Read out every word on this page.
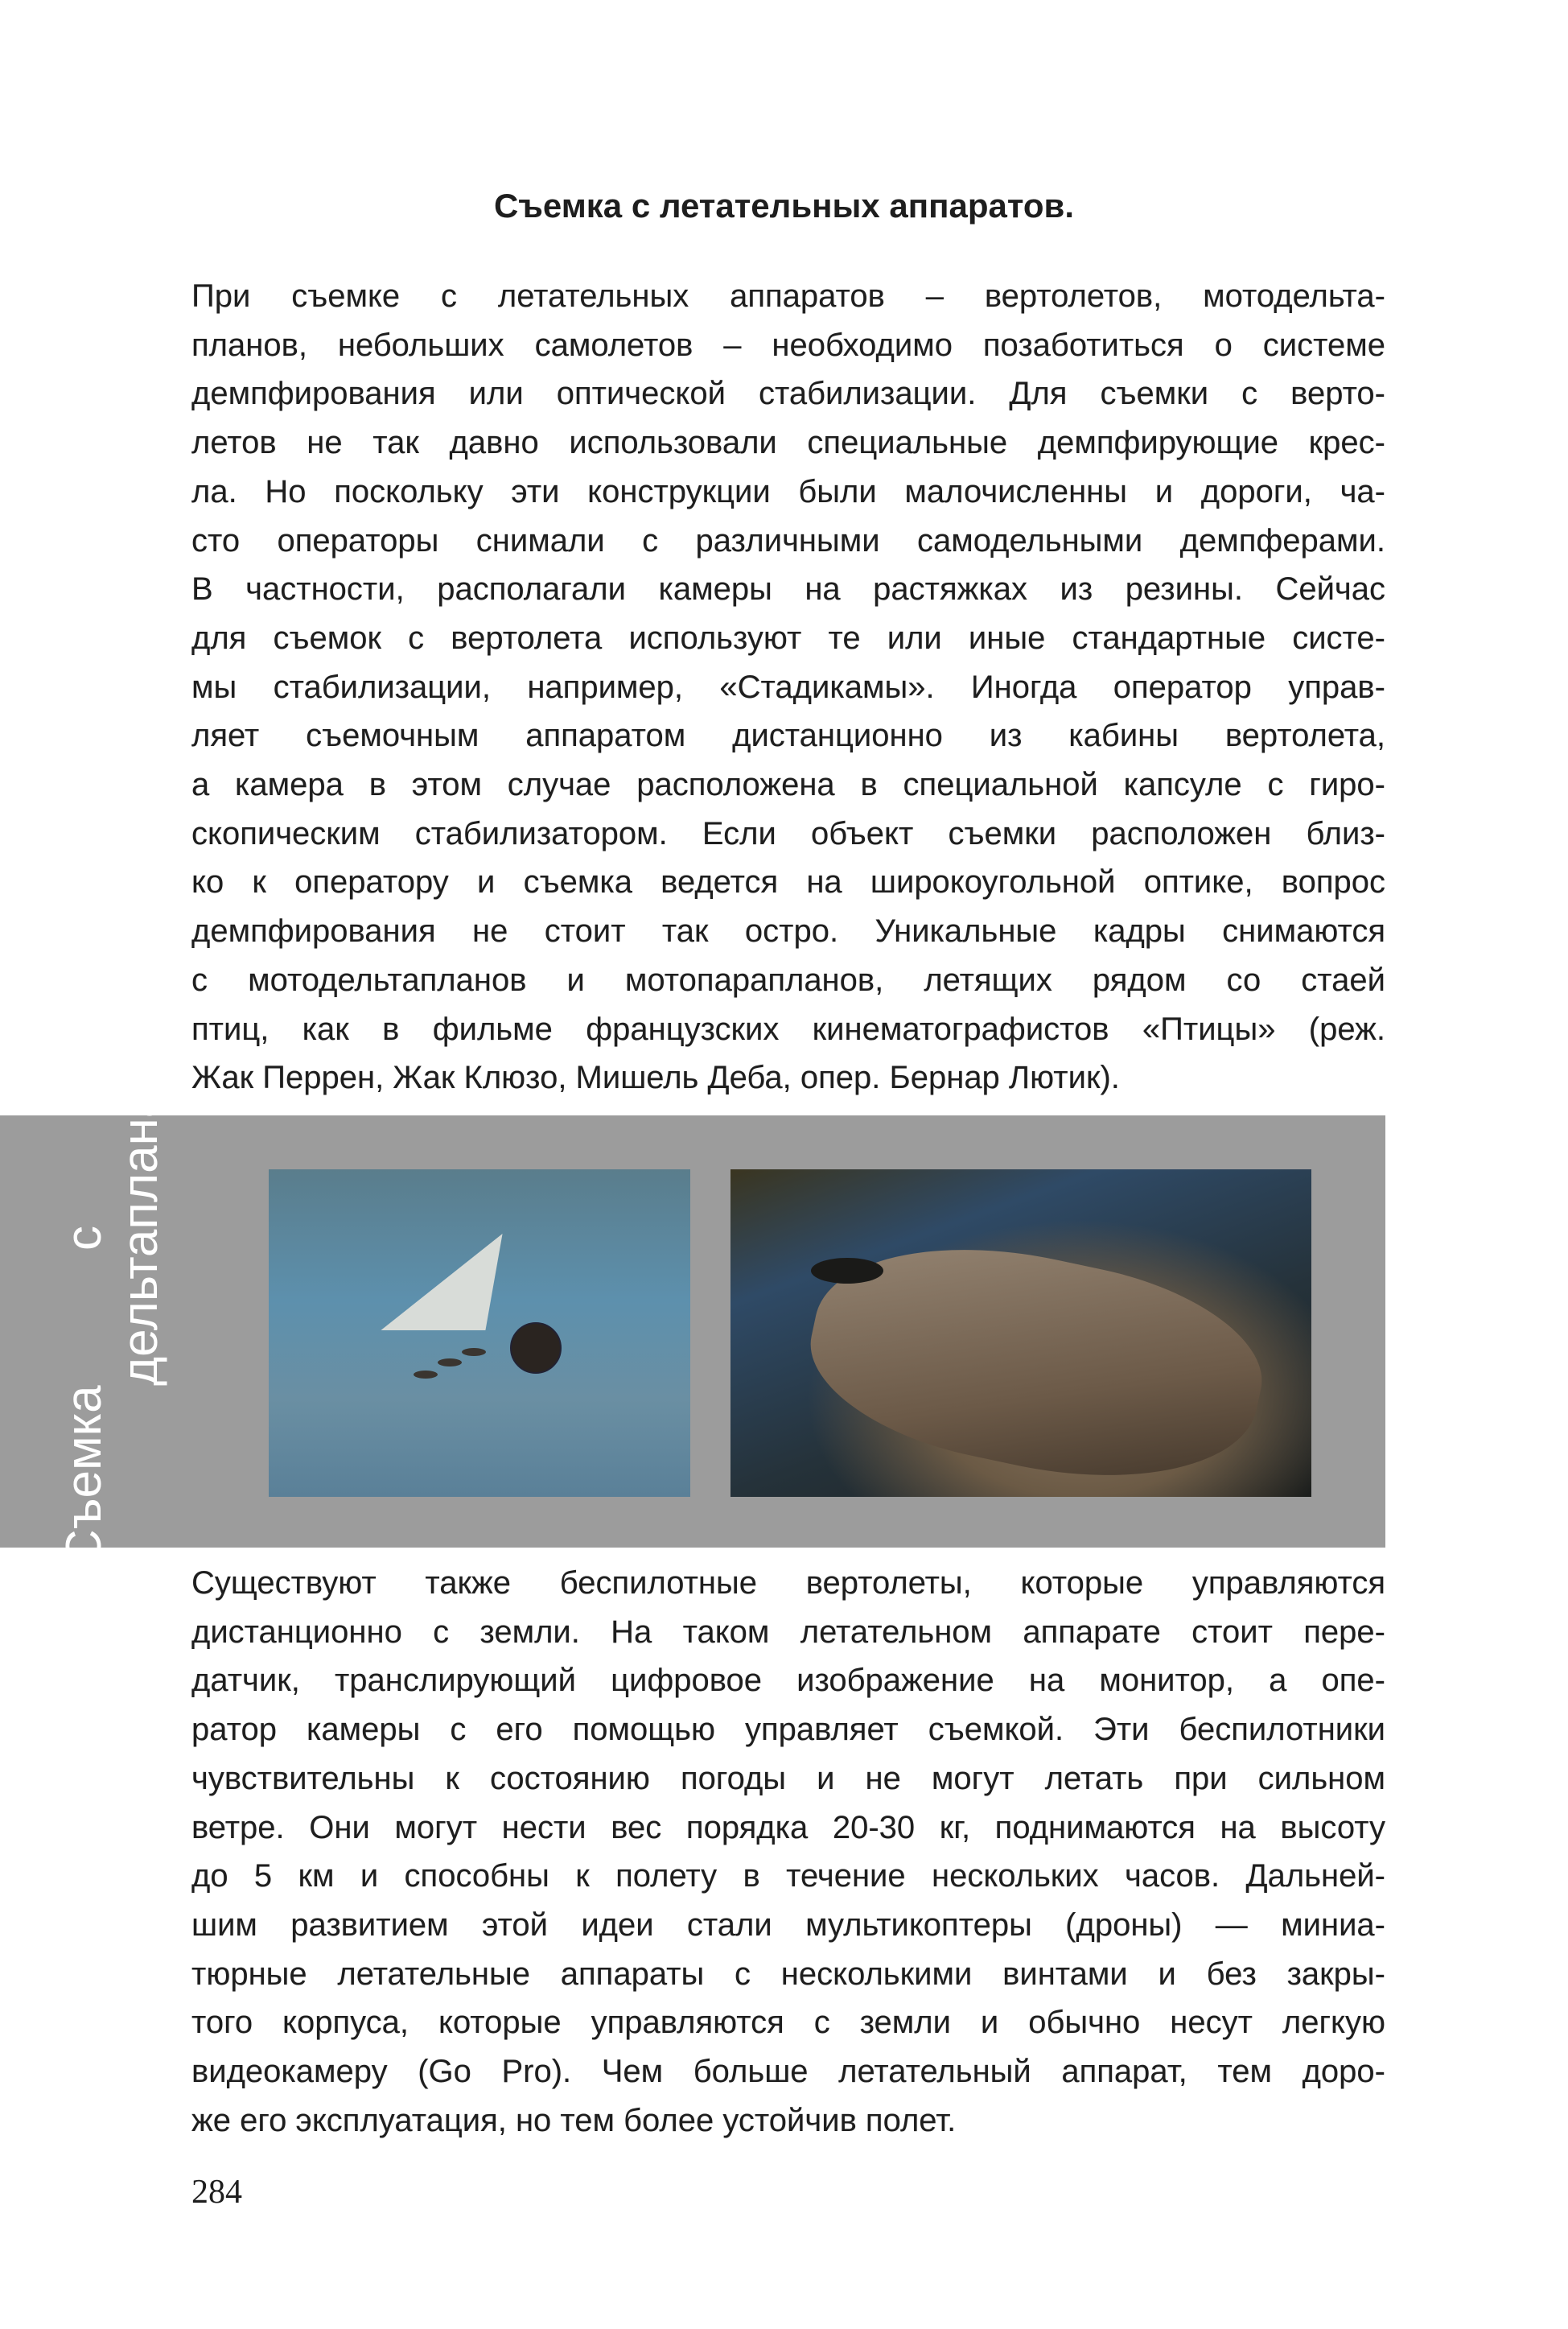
Съемка с летательных аппаратов.
При съемке с летательных аппаратов – вертолетов, мотодельта-
планов, небольших самолетов – необходимо позаботиться о системе
демпфирования или оптической стабилизации. Для съемки с верто-
летов не так давно использовали специальные демпфирующие крес-
ла. Но поскольку эти конструкции были малочисленны и дороги, ча-
сто операторы снимали с различными самодельными демпферами.
В частности, располагали камеры на растяжках из резины. Сейчас
для съемок с вертолета используют те или иные стандартные систе-
мы стабилизации, например, «Стадикамы». Иногда оператор управ-
ляет съемочным аппаратом дистанционно из кабины вертолета,
а камера в этом случае расположена в специальной капсуле с гиро-
скопическим стабилизатором. Если объект съемки расположен близ-
ко к оператору и съемка ведется на широкоугольной оптике, вопрос
демпфирования не стоит так остро. Уникальные кадры снимаются
с мотодельтапланов и мотопарапланов, летящих рядом со стаей
птиц, как в фильме французских кинематографистов «Птицы» (реж.
Жак Перрен, Жак Клюзо, Мишель Деба, опер. Бернар Лютик).
Съемка
с дельтаплана
Существуют также беспилотные вертолеты, которые управляются
дистанционно с земли. На таком летательном аппарате стоит пере-
датчик, транслирующий цифровое изображение на монитор, а опе-
ратор камеры с его помощью управляет съемкой. Эти беспилотники
чувствительны к состоянию погоды и не могут летать при сильном
ветре. Они могут нести вес порядка 20-30 кг, поднимаются на высоту
до 5 км и способны к полету в течение нескольких часов. Дальней-
шим развитием этой идеи стали мультикоптеры (дроны) — миниа-
тюрные летательные аппараты с несколькими винтами и без закры-
того корпуса, которые управляются с земли и обычно несут легкую
видеокамеру (Go Pro). Чем больше летательный аппарат, тем доро-
же его эксплуатация, но тем более устойчив полет.
284
